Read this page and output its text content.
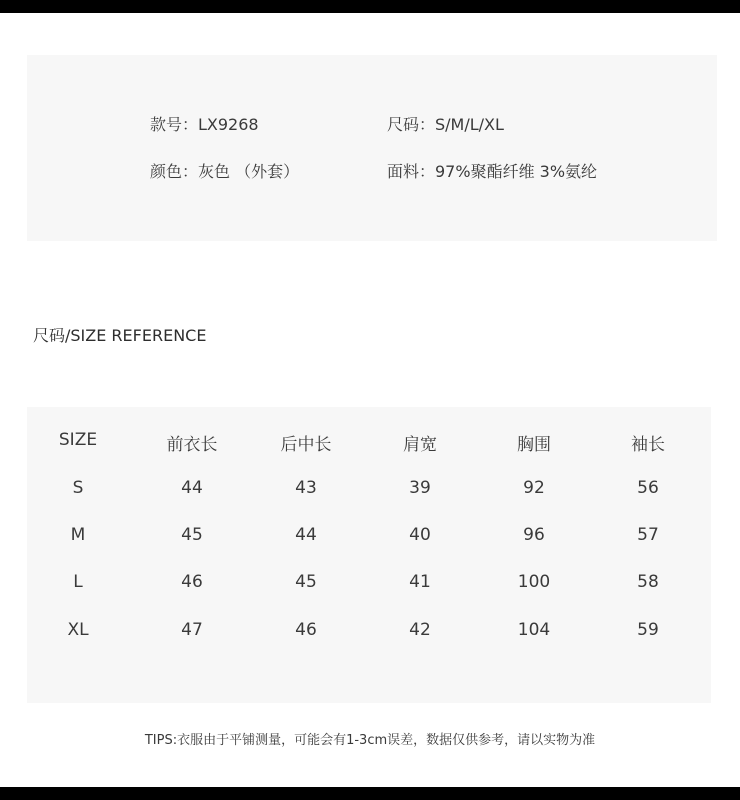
款号：LX9268	尺码：S/M/L/XL
颜色：灰色 （外套）	面料：97%聚酯纤维 3%氨纶
尺码/SIZE REFERENCE
SIZE	前衣长	后中长	肩宽	胸围	袖长
S	44	43	39	92	56
M	45	44	40	96	57
L	46	45	41	100	58
XL	47	46	42	104	59
TIPS:衣服由于平铺测量，可能会有1-3cm误差，数据仅供参考，请以实物为准
